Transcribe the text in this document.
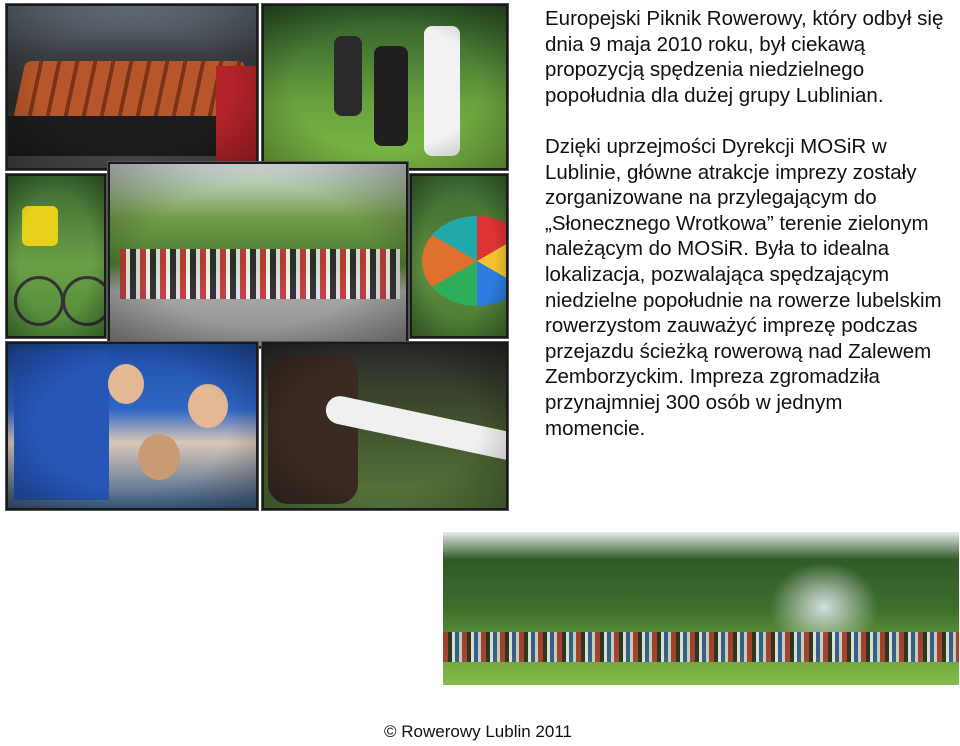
Europejski Piknik Rowerowy, który odbył się dnia 9 maja 2010 roku, był ciekawą propozycją spędzenia niedzielnego popołudnia dla dużej grupy Lublinian.

Dzięki uprzejmości Dyrekcji MOSiR w Lublinie, główne atrakcje imprezy zostały zorganizowane na przylegającym do „Słonecznego Wrotkowa” terenie zielonym należącym do MOSiR. Była to idealna lokalizacja, pozwalająca spędzającym niedzielne popołudnie na rowerze lubelskim rowerzystom zauważyć imprezę podczas przejazdu ścieżką rowerową nad Zalewem Zemborzyckim. Impreza zgromadziła przynajmniej 300 osób w jednym momencie.

© Rowerowy Lublin 2011
